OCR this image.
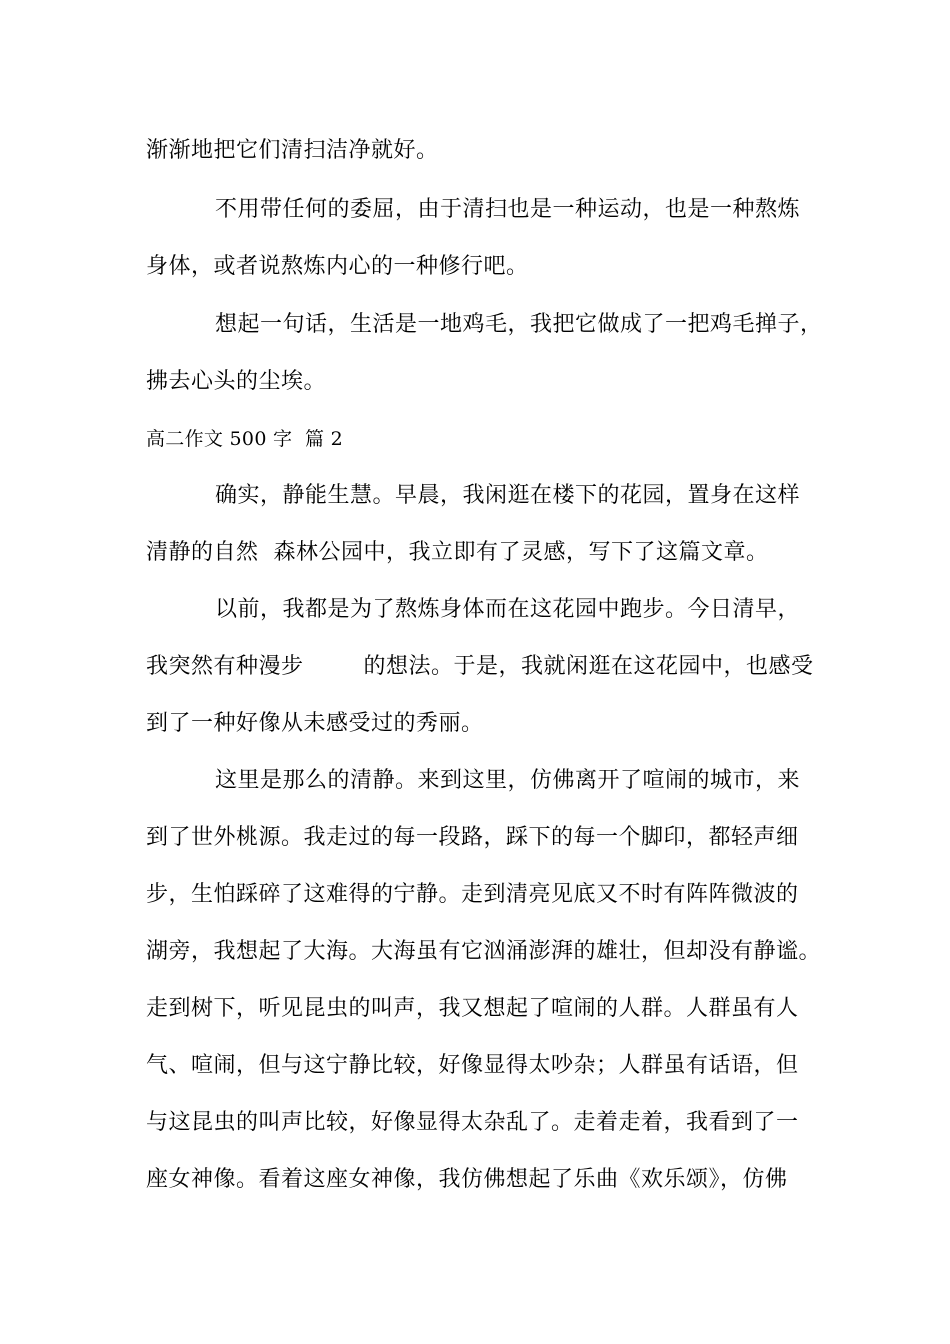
渐渐地把它们清扫洁净就好。
不用带任何的委屈，由于清扫也是一种运动，也是一种熬炼
身体，或者说熬炼内心的一种修行吧。
想起一句话，生活是一地鸡毛，我把它做成了一把鸡毛掸子，
拂去心头的尘埃。
高二作文 500 字  篇 2
确实，静能生慧。早晨，我闲逛在楼下的花园，置身在这样
清静的自然  森林公园中，我立即有了灵感，写下了这篇文章。
以前，我都是为了熬炼身体而在这花园中跑步。今日清早，
我突然有种漫步        的想法。于是，我就闲逛在这花园中，也感受
到了一种好像从未感受过的秀丽。
这里是那么的清静。来到这里，仿佛离开了喧闹的城市，来
到了世外桃源。我走过的每一段路，踩下的每一个脚印，都轻声细
步，生怕踩碎了这难得的宁静。走到清亮见底又不时有阵阵微波的
湖旁，我想起了大海。大海虽有它汹涌澎湃的雄壮，但却没有静谧。
走到树下，听见昆虫的叫声，我又想起了喧闹的人群。人群虽有人
气、喧闹，但与这宁静比较，好像显得太吵杂；人群虽有话语，但
与这昆虫的叫声比较，好像显得太杂乱了。走着走着，我看到了一
座女神像。看着这座女神像，我仿佛想起了乐曲《欢乐颂》，仿佛
